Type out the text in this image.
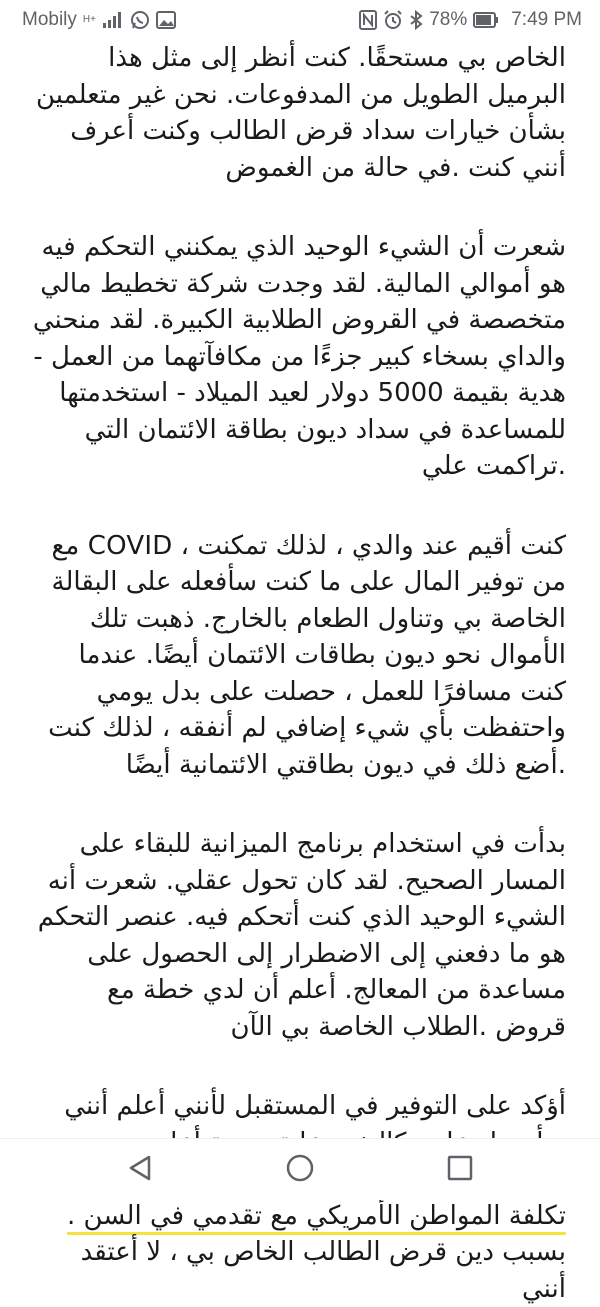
Mobily H+	78% 7:49 PM

الخاص بي مستحقًا. كنت أنظر إلى مثل هذا البرميل الطويل من المدفوعات. نحن غير متعلمين بشأن خيارات سداد قرض الطالب وكنت أعرف أنني كنت .في حالة من الغموض

شعرت أن الشيء الوحيد الذي يمكنني التحكم فيه هو أموالي المالية. لقد وجدت شركة تخطيط مالي متخصصة في القروض الطلابية الكبيرة. لقد منحني والداي بسخاء كبير جزءًا من مكافآتهما من العمل - هدية بقيمة 5000 دولار لعيد الميلاد - استخدمتها للمساعدة في سداد ديون بطاقة الائتمان التي .تراكمت علي

كنت أقيم عند والدي ، لذلك تمكنت ، COVID مع من توفير المال على ما كنت سأفعله على البقالة الخاصة بي وتناول الطعام بالخارج. ذهبت تلك الأموال نحو ديون بطاقات الائتمان أيضًا. عندما كنت مسافرًا للعمل ، حصلت على بدل يومي واحتفظت بأي شيء إضافي لم أنفقه ، لذلك كنت .أضع ذلك في ديون بطاقتي الائتمانية أيضًا

بدأت في استخدام برنامج الميزانية للبقاء على المسار الصحيح. لقد كان تحول عقلي. شعرت أنه الشيء الوحيد الذي كنت أتحكم فيه. عنصر التحكم هو ما دفعني إلى الاضطرار إلى الحصول على مساعدة من المعالج. أعلم أن لدي خطة مع قروض .الطلاب الخاصة بي الآن

أؤكد على التوفير في المستقبل لأنني أعلم أنني

تكلفة المواطن الأمريكي مع تقدمي في السن .
بسبب دين قرض الطالب الخاص بي ، لا أعتقد أنني
